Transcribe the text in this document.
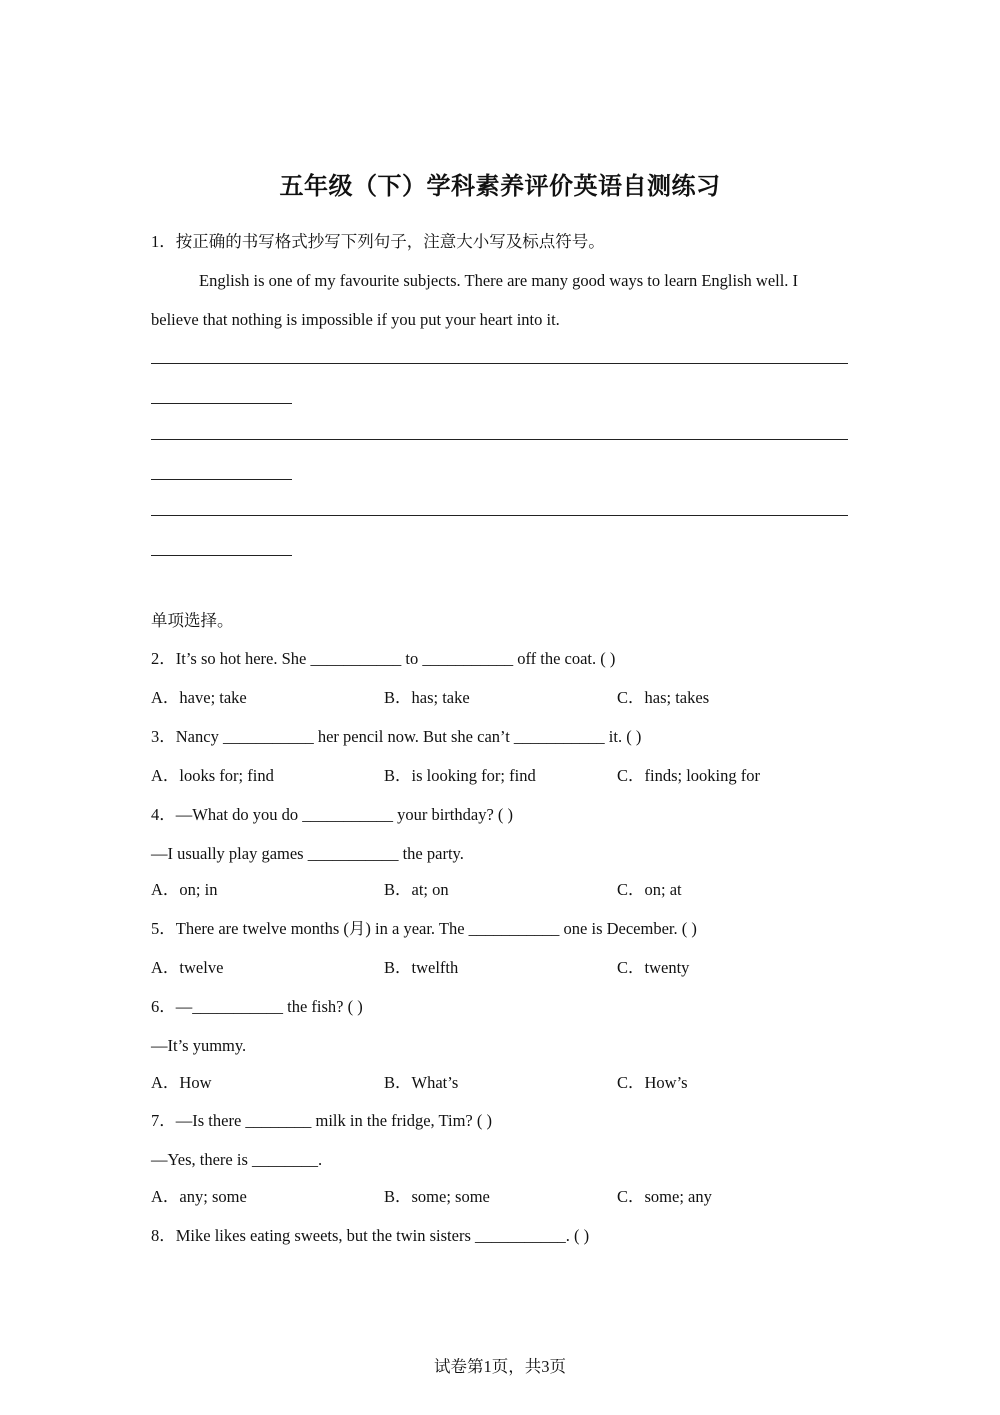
五年级（下）学科素养评价英语自测练习
1．按正确的书写格式抄写下列句子，注意大小写及标点符号。
English is one of my favourite subjects. There are many good ways to learn English well. I
believe that nothing is impossible if you put your heart into it.
单项选择。
2．It’s so hot here. She ___________ to ___________ off the coat. ( )
A．have; take	B．has; take	C．has; takes
3．Nancy ___________ her pencil now. But she can’t ___________ it. ( )
A．looks for; find	B．is looking for; find	C．finds; looking for
4．—What do you do ___________ your birthday? ( )
—I usually play games ___________ the party.
A．on; in	B．at; on	C．on; at
5．There are twelve months (月) in a year. The ___________ one is December. ( )
A．twelve	B．twelfth	C．twenty
6．—___________ the fish? ( )
—It’s yummy.
A．How	B．What’s	C．How’s
7．—Is there ________ milk in the fridge, Tim? ( )
—Yes, there is ________.
A．any; some	B．some; some	C．some; any
8．Mike likes eating sweets, but the twin sisters ___________. ( )
试卷第1页，共3页
